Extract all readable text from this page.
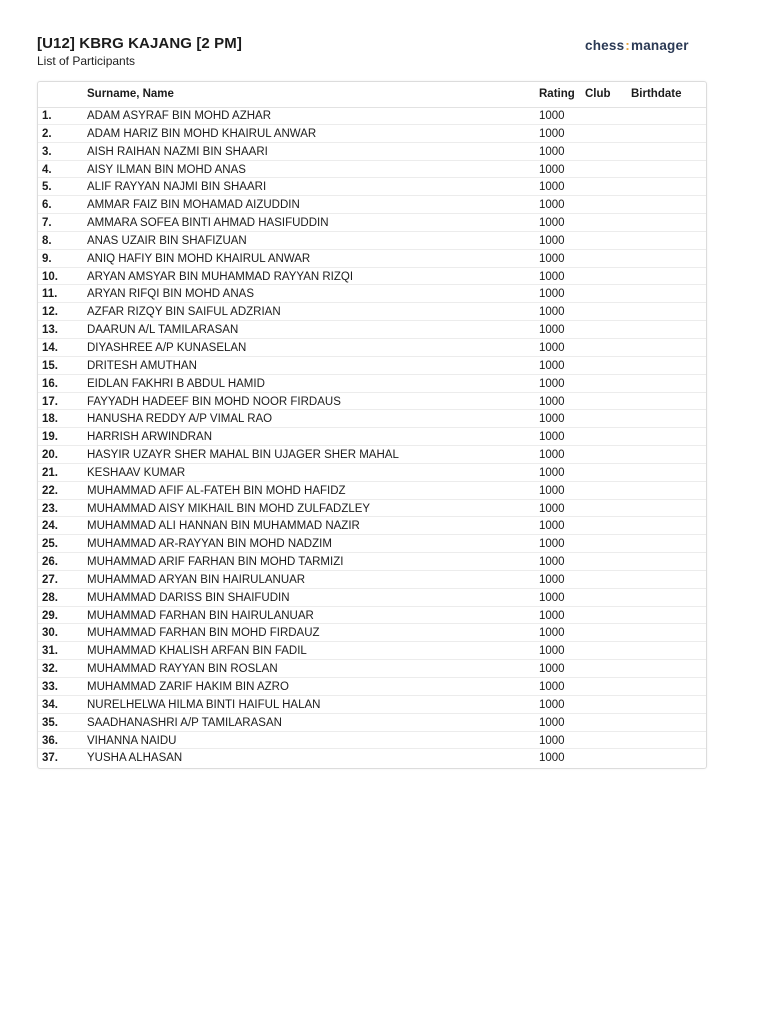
[U12] KBRG KAJANG [2 PM]
List of Participants
chess:manager
Surname, Name	Rating Club Birthdate
1.	ADAM ASYRAF BIN MOHD AZHAR	1000
2.	ADAM HARIZ BIN MOHD KHAIRUL ANWAR	1000
3.	AISH RAIHAN NAZMI BIN SHAARI	1000
4.	AISY ILMAN BIN MOHD ANAS	1000
5.	ALIF RAYYAN NAJMI BIN SHAARI	1000
6.	AMMAR FAIZ BIN MOHAMAD AIZUDDIN	1000
7.	AMMARA SOFEA BINTI AHMAD HASIFUDDIN	1000
8.	ANAS UZAIR BIN SHAFIZUAN	1000
9.	ANIQ HAFIY BIN MOHD KHAIRUL ANWAR	1000
10.	ARYAN AMSYAR BIN MUHAMMAD RAYYAN RIZQI	1000
11.	ARYAN RIFQI BIN MOHD ANAS	1000
12.	AZFAR RIZQY BIN SAIFUL ADZRIAN	1000
13.	DAARUN A/L TAMILARASAN	1000
14.	DIYASHREE A/P KUNASELAN	1000
15.	DRITESH AMUTHAN	1000
16.	EIDLAN FAKHRI B ABDUL HAMID	1000
17.	FAYYADH HADEEF BIN MOHD NOOR FIRDAUS	1000
18.	HANUSHA REDDY A/P VIMAL RAO	1000
19.	HARRISH ARWINDRAN	1000
20.	HASYIR UZAYR SHER MAHAL BIN UJAGER SHER MAHAL	1000
21.	KESHAAV KUMAR	1000
22.	MUHAMMAD AFIF AL-FATEH BIN MOHD HAFIDZ	1000
23.	MUHAMMAD AISY MIKHAIL BIN MOHD ZULFADZLEY	1000
24.	MUHAMMAD ALI HANNAN BIN MUHAMMAD NAZIR	1000
25.	MUHAMMAD AR-RAYYAN BIN MOHD NADZIM	1000
26.	MUHAMMAD ARIF FARHAN BIN MOHD TARMIZI	1000
27.	MUHAMMAD ARYAN BIN HAIRULANUAR	1000
28.	MUHAMMAD DARISS BIN SHAIFUDIN	1000
29.	MUHAMMAD FARHAN BIN HAIRULANUAR	1000
30.	MUHAMMAD FARHAN BIN MOHD FIRDAUZ	1000
31.	MUHAMMAD KHALISH ARFAN BIN FADIL	1000
32.	MUHAMMAD RAYYAN BIN ROSLAN	1000
33.	MUHAMMAD ZARIF HAKIM BIN AZRO	1000
34.	NURELHELWA HILMA BINTI HAIFUL HALAN	1000
35.	SAADHANASHRI A/P TAMILARASAN	1000
36.	VIHANNA NAIDU	1000
37.	YUSHA ALHASAN	1000
